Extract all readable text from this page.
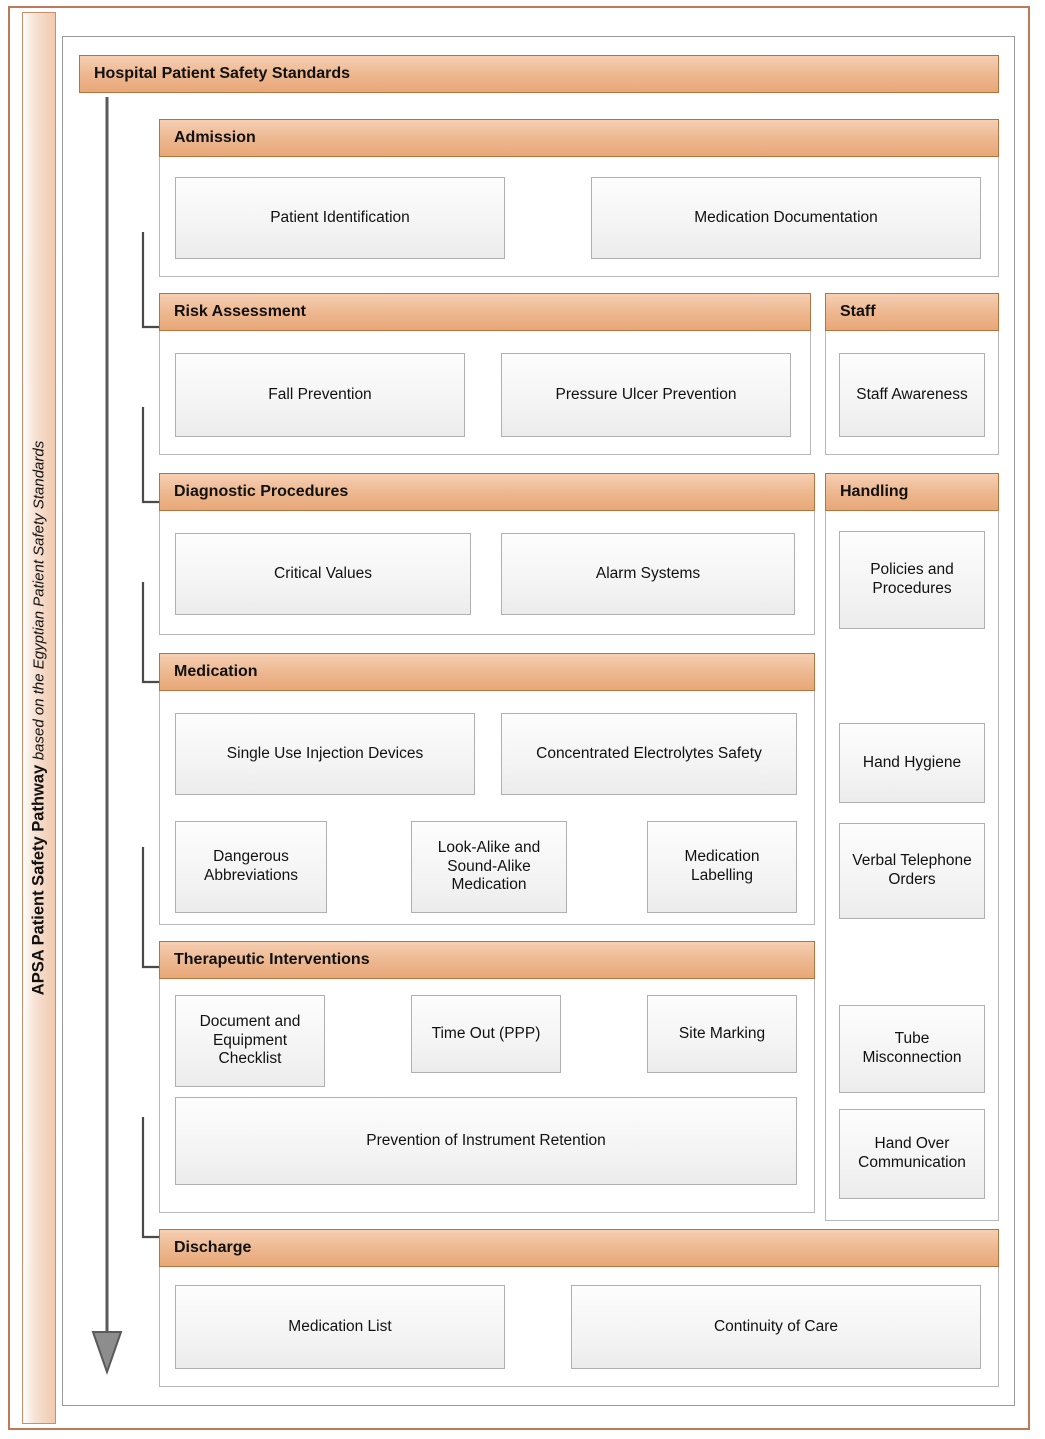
APSA Patient Safety Pathway based on the Egyptian Patient Safety Standards
Hospital Patient Safety Standards
Admission
Patient Identification	Medication Documentation
Risk Assessment
Fall Prevention	Pressure Ulcer Prevention
Staff
Staff Awareness
Diagnostic Procedures
Critical Values	Alarm Systems
Handling
Policies and Procedures
Hand Hygiene
Verbal Telephone Orders
Tube Misconnection
Hand Over Communication
Medication
Single Use Injection Devices	Concentrated Electrolytes Safety
Dangerous Abbreviations
Look-Alike and Sound-Alike Medication
Medication Labelling
Therapeutic Interventions
Document and Equipment Checklist
Time Out (PPP)	Site Marking
Prevention of Instrument Retention
Discharge
Medication List	Continuity of Care
